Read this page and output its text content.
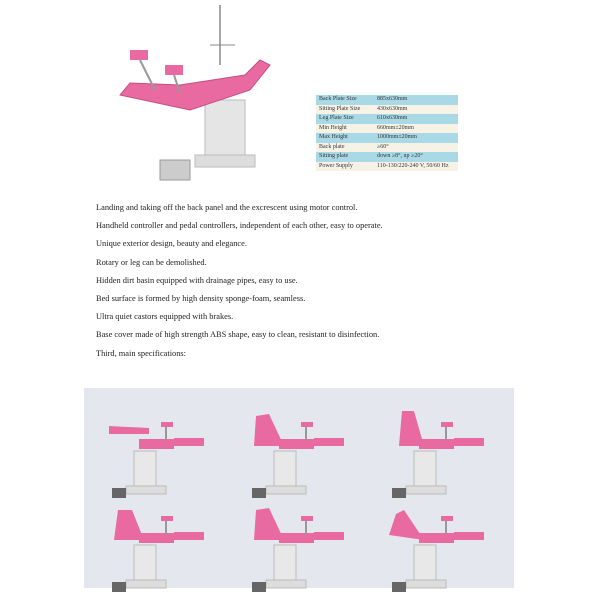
Back Plate Size	885x630mm
Sitting Plate Size	430x630mm
Leg Plate Size	610x630mm
Min Height	660mm±20mm
Max Height	1000mm±20mm
Back plate	≥60°
Sitting plate	down ≥8°, up ≥20°
Power Supply	110-130/220-240 V, 50/60 Hz
Landing and taking off the back panel and the excrescent using motor control.
Handheld controller and pedal controllers, independent of each other, easy to operate.
Unique exterior design, beauty and elegance.
Rotary or leg can be demolished.
Hidden dirt basin equipped with drainage pipes, easy to use.
Bed surface is formed by high density sponge-foam, seamless.
Ultra quiet castors equipped with brakes.
Base cover made of high strength ABS shape, easy to clean, resistant to disinfection.
Third, main specifications:
